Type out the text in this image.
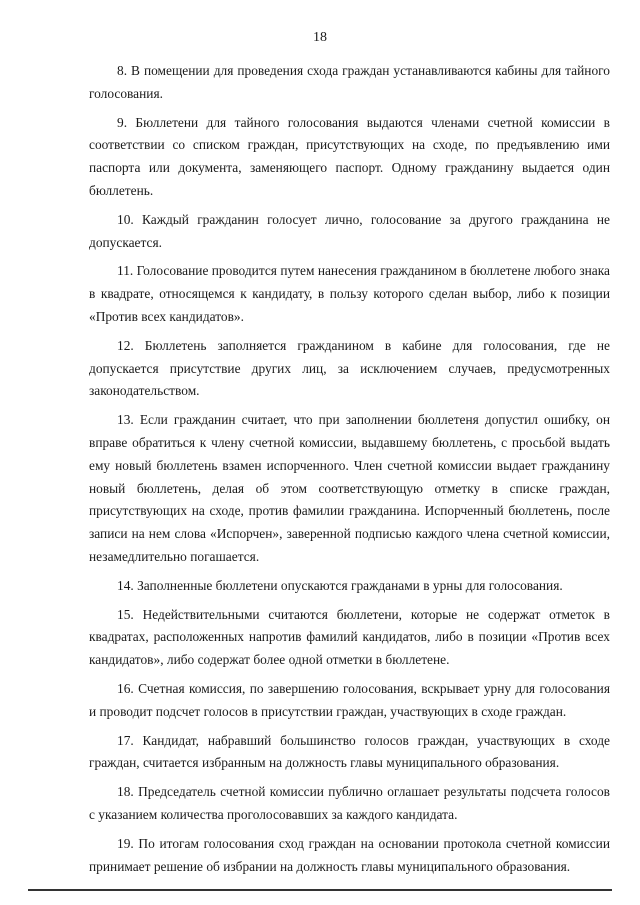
18

8. В помещении для проведения схода граждан устанавливаются кабины для тайного голосования.

9. Бюллетени для тайного голосования выдаются членами счетной комиссии в соответствии со списком граждан, присутствующих на сходе, по предъявлению ими паспорта или документа, заменяющего паспорт. Одному гражданину выдается один бюллетень.

10. Каждый гражданин голосует лично, голосование за другого гражданина не допускается.

11. Голосование проводится путем нанесения гражданином в бюллетене любого знака в квадрате, относящемся к кандидату, в пользу которого сделан выбор, либо к позиции «Против всех кандидатов».

12. Бюллетень заполняется гражданином в кабине для голосования, где не допускается присутствие других лиц, за исключением случаев, предусмотренных законодательством.

13. Если гражданин считает, что при заполнении бюллетеня допустил ошибку, он вправе обратиться к члену счетной комиссии, выдавшему бюллетень, с просьбой выдать ему новый бюллетень взамен испорченного. Член счетной комиссии выдает гражданину новый бюллетень, делая об этом соответствующую отметку в списке граждан, присутствующих на сходе, против фамилии гражданина. Испорченный бюллетень, после записи на нем слова «Испорчен», заверенной подписью каждого члена счетной комиссии, незамедлительно погашается.

14. Заполненные бюллетени опускаются гражданами в урны для голосования.

15. Недействительными считаются бюллетени, которые не содержат отметок в квадратах, расположенных напротив фамилий кандидатов, либо в позиции «Против всех кандидатов», либо содержат более одной отметки в бюллетене.

16. Счетная комиссия, по завершению голосования, вскрывает урну для голосования и проводит подсчет голосов в присутствии граждан, участвующих в сходе граждан.

17. Кандидат, набравший большинство голосов граждан, участвующих в сходе граждан, считается избранным на должность главы муниципального образования.

18. Председатель счетной комиссии публично оглашает результаты подсчета голосов с указанием количества проголосовавших за каждого кандидата.

19. По итогам голосования сход граждан на основании протокола счетной комиссии принимает решение об избрании на должность главы муниципального образования.
